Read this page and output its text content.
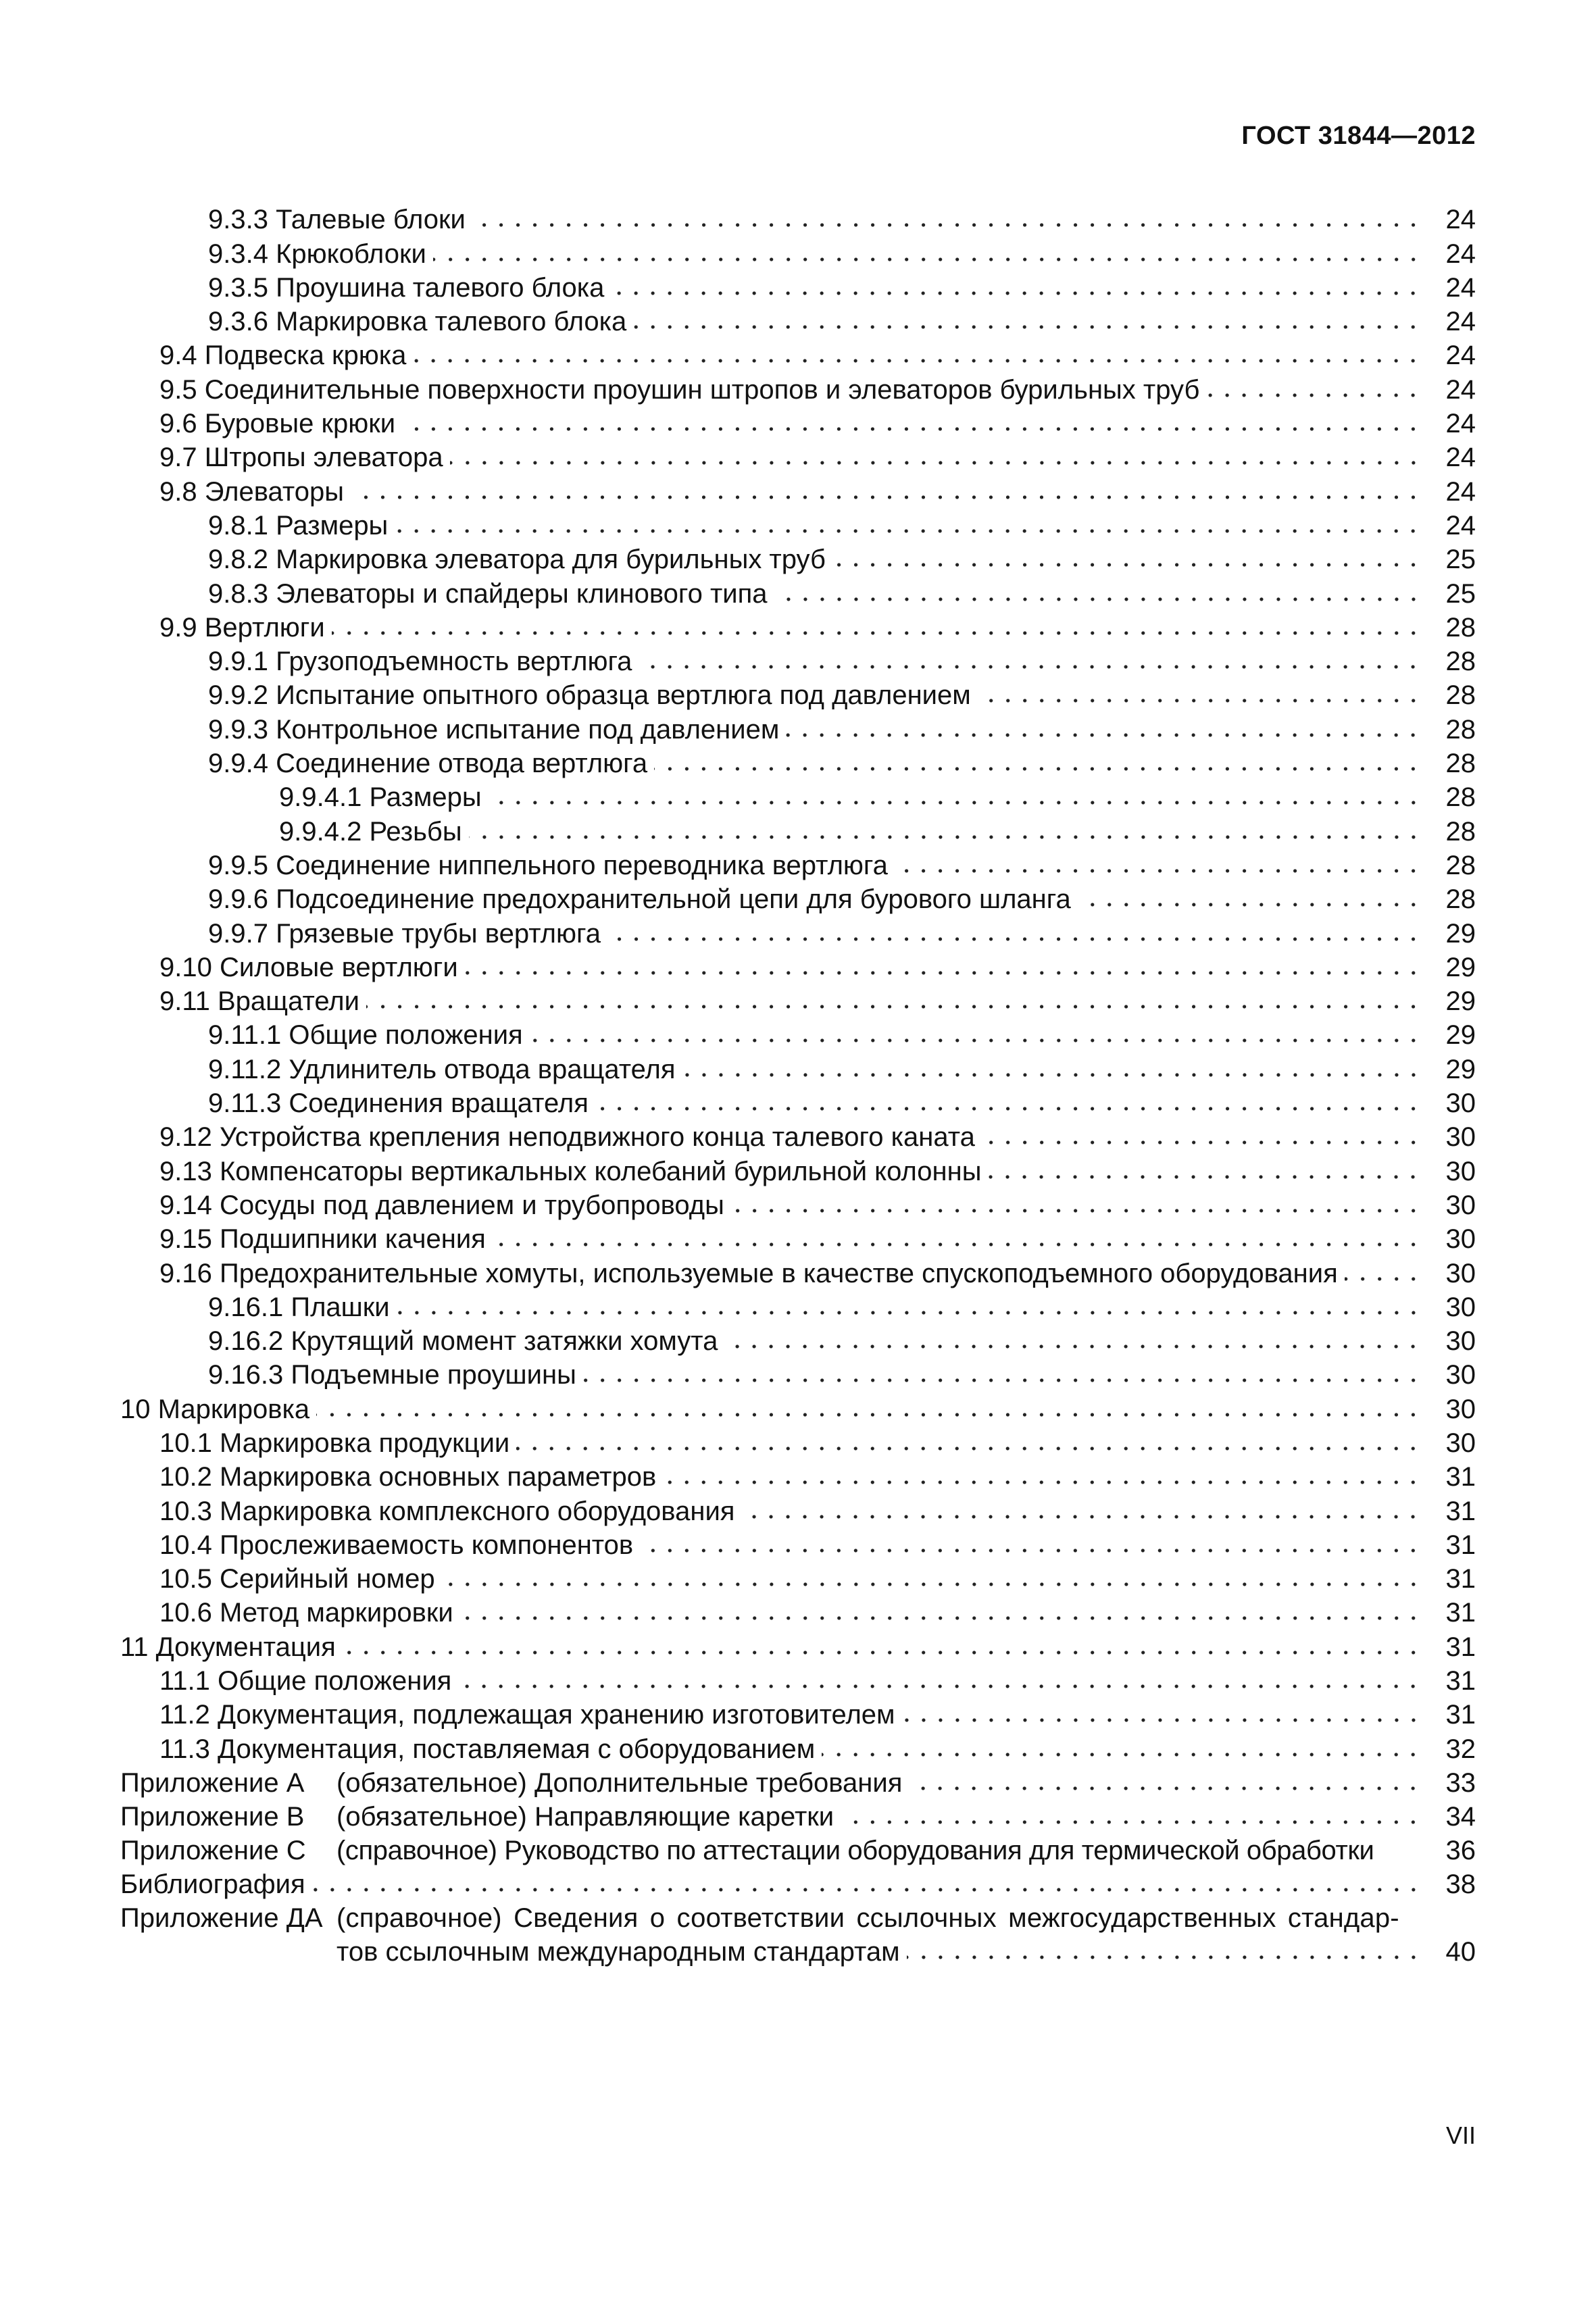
ГОСТ 31844—2012
9.3.3 Талевые блоки	24
9.3.4 Крюкоблоки	24
9.3.5 Проушина талевого блока	24
9.3.6 Маркировка талевого блока	24
9.4 Подвеска крюка	24
9.5 Соединительные поверхности проушин штропов и элеваторов бурильных труб	24
9.6 Буровые крюки	24
9.7 Штропы элеватора	24
9.8 Элеваторы	24
9.8.1 Размеры	24
9.8.2 Маркировка элеватора для бурильных труб	25
9.8.3 Элеваторы и спайдеры клинового типа	25
9.9 Вертлюги	28
9.9.1 Грузоподъемность вертлюга	28
9.9.2 Испытание опытного образца вертлюга под давлением	28
9.9.3 Контрольное испытание под давлением	28
9.9.4 Соединение отвода вертлюга	28
9.9.4.1 Размеры	28
9.9.4.2 Резьбы	28
9.9.5 Соединение ниппельного переводника вертлюга	28
9.9.6 Подсоединение предохранительной цепи для бурового шланга	28
9.9.7 Грязевые трубы вертлюга	29
9.10 Силовые вертлюги	29
9.11 Вращатели	29
9.11.1 Общие положения	29
9.11.2 Удлинитель отвода вращателя	29
9.11.3 Соединения вращателя	30
9.12 Устройства крепления неподвижного конца талевого каната	30
9.13 Компенсаторы вертикальных колебаний бурильной колонны	30
9.14 Сосуды под давлением и трубопроводы	30
9.15 Подшипники качения	30
9.16 Предохранительные хомуты, используемые в качестве спускоподъемного оборудования	30
9.16.1 Плашки	30
9.16.2 Крутящий момент затяжки хомута	30
9.16.3 Подъемные проушины	30
10 Маркировка	30
10.1 Маркировка продукции	30
10.2 Маркировка основных параметров	31
10.3 Маркировка комплексного оборудования	31
10.4 Прослеживаемость компонентов	31
10.5 Серийный номер	31
10.6 Метод маркировки	31
11 Документация	31
11.1 Общие положения	31
11.2 Документация, подлежащая хранению изготовителем	31
11.3 Документация, поставляемая с оборудованием	32
Приложение А	(обязательное) Дополнительные требования	33
Приложение В	(обязательное) Направляющие каретки	34
Приложение С	(справочное) Руководство по аттестации оборудования для термической обработки	36
Библиография	38
Приложение ДА (справочное) Сведения о соответствии ссылочных межгосударственных стандар-
тов ссылочным международным стандартам	40
VII
